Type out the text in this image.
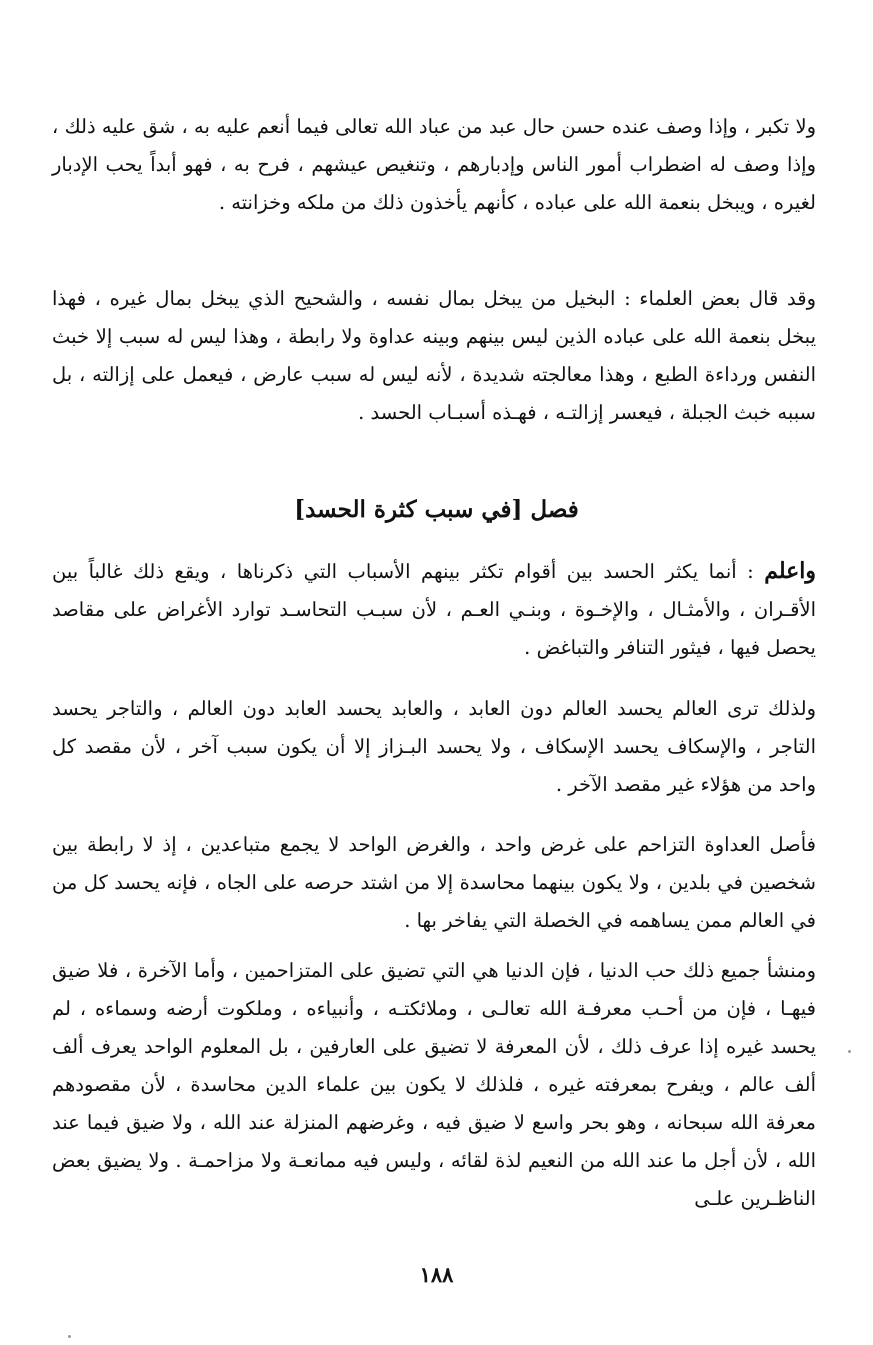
ولا تكبر ، وإذا وصف عنده حسن حال عبد من عباد الله تعالى فيما أنعم عليه به ، شق عليه ذلك ، وإذا وصف له اضطراب أمور الناس وإدبارهم ، وتنغيص عيشهم ، فرح به ، فهو أبداً يحب الإدبار لغيره ، ويبخل بنعمة الله على عباده ، كأنهم يأخذون ذلك من ملكه وخزانته .

وقد قال بعض العلماء : البخيل من يبخل بمال نفسه ، والشحيح الذي يبخل بمال غيره ، فهذا يبخل بنعمة الله على عباده الذين ليس بينهم وبينه عداوة ولا رابطة ، وهذا ليس له سبب إلا خبث النفس ورداءة الطبع ، وهذا معالجته شديدة ، لأنه ليس له سبب عارض ، فيعمل على إزالته ، بل سببه خبث الجبلة ، فيعسر إزالتـه ، فهـذه أسبـاب الحسد .

فصل [في سبب كثرة الحسد]

واعلم : أنما يكثر الحسد بين أقوام تكثر بينهم الأسباب التي ذكرناها ، ويقع ذلك غالباً بين الأقـران ، والأمثـال ، والإخـوة ، وبنـي العـم ، لأن سبـب التحاسـد توارد الأغراض على مقاصد يحصل فيها ، فيثور التنافر والتباغض .

ولذلك ترى العالم يحسد العالم دون العابد ، والعابد يحسد العابد دون العالم ، والتاجر يحسد التاجر ، والإسكاف يحسد الإسكاف ، ولا يحسد البـزاز إلا أن يكون سبب آخر ، لأن مقصد كل واحد من هؤلاء غير مقصد الآخر .

فأصل العداوة التزاحم على غرض واحد ، والغرض الواحد لا يجمع متباعدين ، إذ لا رابطة بين شخصين في بلدين ، ولا يكون بينهما محاسدة إلا من اشتد حرصه على الجاه ، فإنه يحسد كل من في العالم ممن يساهمه في الخصلة التي يفاخر بها .

ومنشأ جميع ذلك حب الدنيا ، فإن الدنيا هي التي تضيق على المتزاحمين ، وأما الآخرة ، فلا ضيق فيهـا ، فإن من أحـب معرفـة الله تعالـى ، وملائكتـه ، وأنبياءه ، وملكوت أرضه وسماءه ، لم يحسد غيره إذا عرف ذلك ، لأن المعرفة لا تضيق على العارفين ، بل المعلوم الواحد يعرف ألف ألف عالم ، ويفرح بمعرفته غيره ، فلذلك لا يكون بين علماء الدين محاسدة ، لأن مقصودهم معرفة الله سبحانه ، وهو بحر واسع لا ضيق فيه ، وغرضهم المنزلة عند الله ، ولا ضيق فيما عند الله ، لأن أجل ما عند الله من النعيم لذة لقائه ، وليس فيه ممانعـة ولا مزاحمـة . ولا يضيق بعض الناظـرين علـى

١٨٨
